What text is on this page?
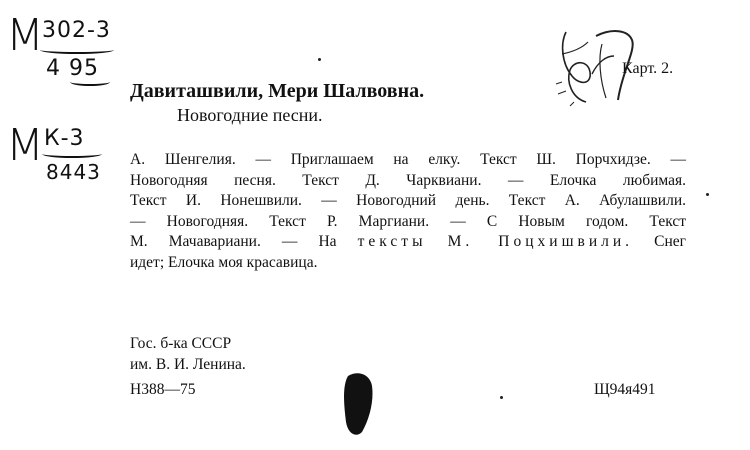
М
302-3
4 95
М К-3
8443
Карт. 2.
Давиташвили, Мери Шалвовна.
Новогодние песни.
А. Шенгелия. — Приглашаем на елку. Текст Ш. Порчхидзе. —
Новогодняя песня. Текст Д. Чарквиани. — Елочка любимая.
Текст И. Нонешвили. — Новогодний день. Текст А. Абулашвили.
— Новогодняя. Текст Р. Маргиани. — С Новым годом. Текст
М. Мачавариани. — На тексты М. Поцхишвили. Снег
идет; Елочка моя красавица.
Гос. б-ка СССР
им. В. И. Ленина.
Н388—75	Щ94я491
